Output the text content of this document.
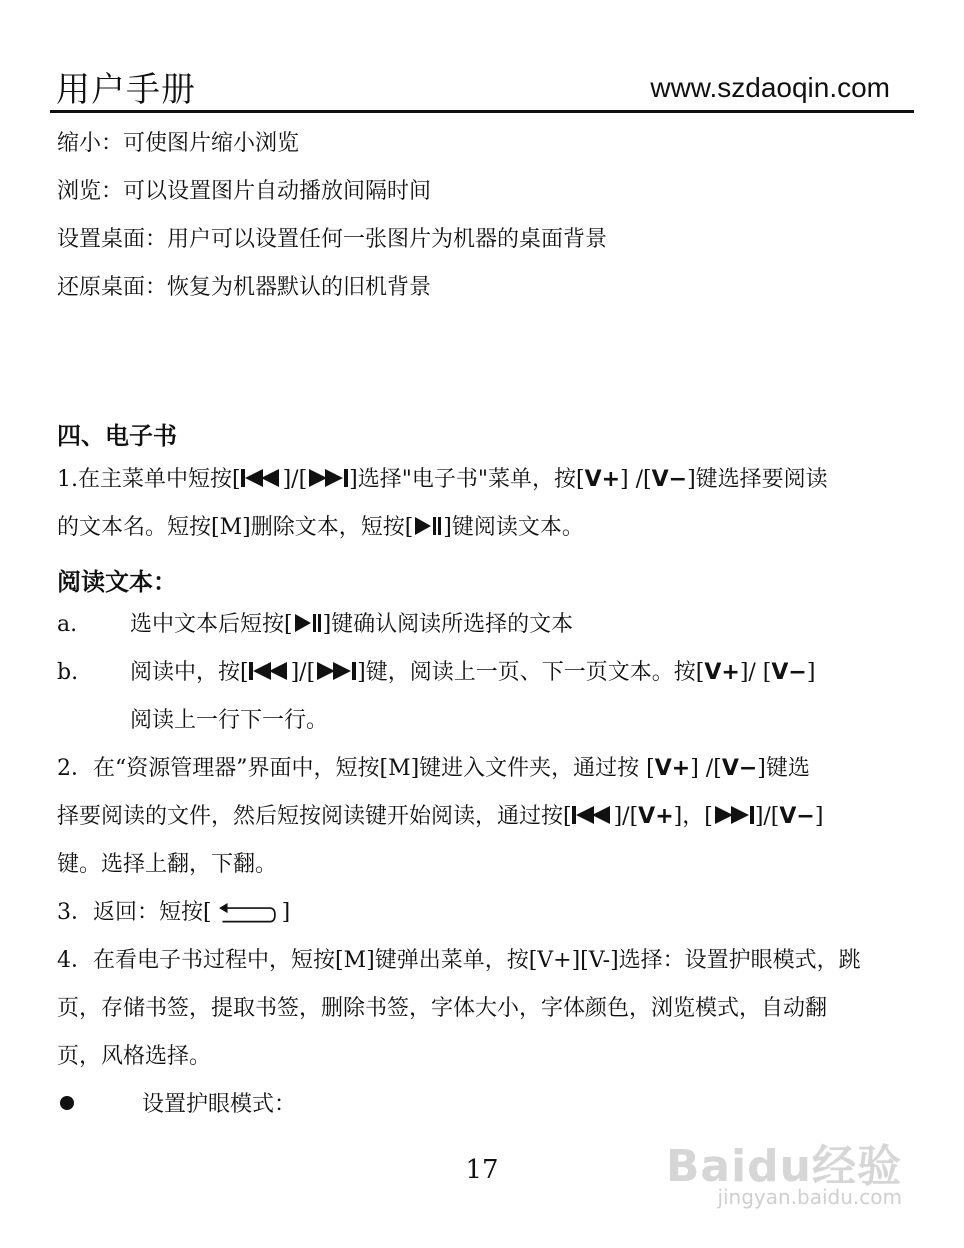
用户手册	www.szdaoqin.com
缩小：可使图片缩小浏览
浏览：可以设置图片自动播放间隔时间
设置桌面：用户可以设置任何一张图片为机器的桌面背景
还原桌面：恢复为机器默认的旧机背景
四、电子书
1.在主菜单中短按[ ]/[ ]选择"电子书"菜单，按[V+] /[V−]键选择要阅读
的文本名。短按[M]删除文本，短按[ ]键阅读文本。
阅读文本：
a. 选中文本后短按[ ]键确认阅读所选择的文本
b. 阅读中，按[ ]/[ ]键，阅读上一页、下一页文本。按[V+]/ [V−]
阅读上一行下一行。
2．在“资源管理器”界面中，短按[M]键进入文件夹，通过按 [V+] /[V−]键选
择要阅读的文件，然后短按阅读键开始阅读，通过按[ ]/[V+]，[ ]/[V−]
键。选择上翻，下翻。
3．返回：短按[	]
4．在看电子书过程中，短按[M]键弹出菜单，按[V+][V-]选择：设置护眼模式，跳
页，存储书签，提取书签，删除书签，字体大小，字体颜色，浏览模式，自动翻
页，风格选择。
设置护眼模式：
Baidu经验
jingyan.baidu.com
17
